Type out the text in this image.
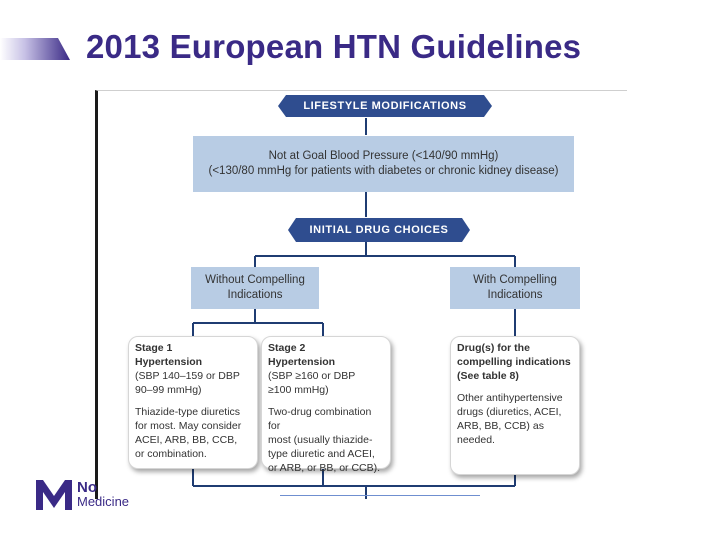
2013 European HTN Guidelines
LIFESTYLE MODIFICATIONS
Not at Goal Blood Pressure (<140/90 mmHg)
(<130/80 mmHg for patients with diabetes or chronic kidney disease)
INITIAL DRUG CHOICES
Without Compelling
Indications
With Compelling
Indications

Stage 1

Hypertension

(SBP 140–159 or DBP

90–99 mmHg)

Thiazide-type diuretics

for most. May consider

ACEI, ARB, BB, CCB,

or combination.

Stage 2

Hypertension

(SBP ≥160 or DBP

≥100 mmHg)

Two-drug combination for

most (usually thiazide-

type diuretic and ACEI,

or ARB, or BB, or CCB).

Drug(s) for the

compelling indications

(See table 8)

Other antihypertensive

drugs (diuretics, ACEI,

ARB, BB, CCB) as needed.

No
Medicine
